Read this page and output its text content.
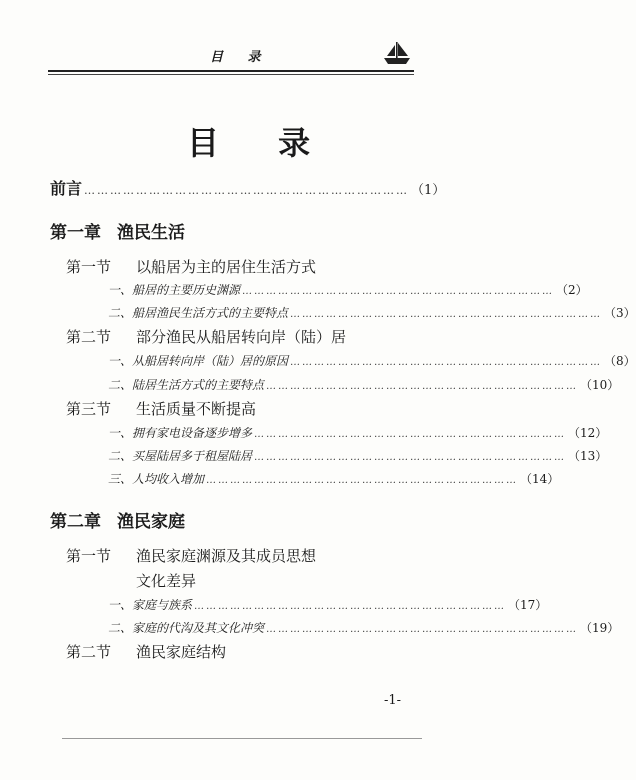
目 录
目 录
前言 ………………………………………………………………… （1）
第一章 渔民生活
第一节 以船居为主的居住生活方式
一、船居的主要历史渊源 …………………………………………………………………… （2）
二、船居渔民生活方式的主要特点 …………………………………………………………………… （3）
第二节 部分渔民从船居转向岸（陆）居
一、从船居转向岸（陆）居的原因 …………………………………………………………………… （8）
二、陆居生活方式的主要特点 …………………………………………………………………… （10）
第三节 生活质量不断提高
一、拥有家电设备逐步增多 …………………………………………………………………… （12）
二、买屋陆居多于租屋陆居 …………………………………………………………………… （13）
三、人均收入增加 …………………………………………………………………… （14）
第二章 渔民家庭
第一节 渔民家庭渊源及其成员思想
文化差异
一、家庭与族系 …………………………………………………………………… （17）
二、家庭的代沟及其文化冲突 …………………………………………………………………… （19）
第二节 渔民家庭结构
-1-
